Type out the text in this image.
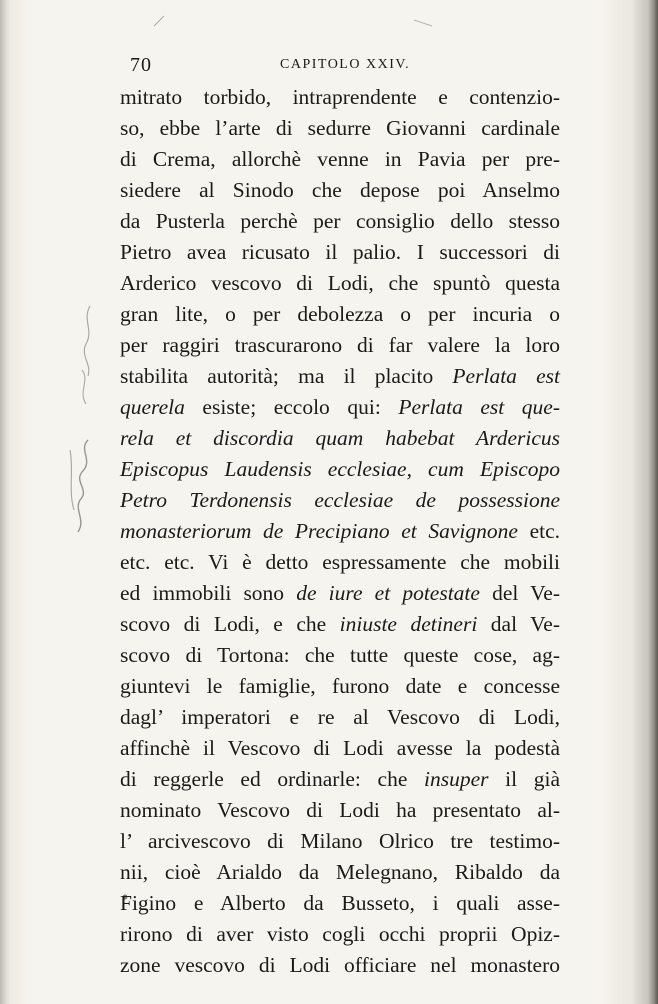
70	CAPITOLO XXIV.
mitrato torbido, intraprendente e contenzio-
so, ebbe l’arte di sedurre Giovanni cardinale
di Crema, allorchè venne in Pavia per pre-
siedere al Sinodo che depose poi Anselmo
da Pusterla perchè per consiglio dello stesso
Pietro avea ricusato il palio. I successori di
Arderico vescovo di Lodi, che spuntò questa
gran lite, o per debolezza o per incuria o
per raggiri trascurarono di far valere la loro
stabilita autorità; ma il placito Perlata est
querela esiste; eccolo qui: Perlata est que-
rela et discordia quam habebat Ardericus
Episcopus Laudensis ecclesiae, cum Episcopo
Petro Terdonensis ecclesiae de possessione
monasteriorum de Precipiano et Savignone etc.
etc. etc. Vi è detto espressamente che mobili
ed immobili sono de iure et potestate del Ve-
scovo di Lodi, e che iniuste detineri dal Ve-
scovo di Tortona: che tutte queste cose, ag-
giuntevi le famiglie, furono date e concesse
dagl’ imperatori e re al Vescovo di Lodi,
affinchè il Vescovo di Lodi avesse la podestà
di reggerle ed ordinarle: che insuper il già
nominato Vescovo di Lodi ha presentato al-
l’ arcivescovo di Milano Olrico tre testimo-
nii, cioè Arialdo da Melegnano, Ribaldo da
Figino e Alberto da Busseto, i quali asse-
rirono di aver visto cogli occhi proprii Opiz-
zone vescovo di Lodi officiare nel monastero
